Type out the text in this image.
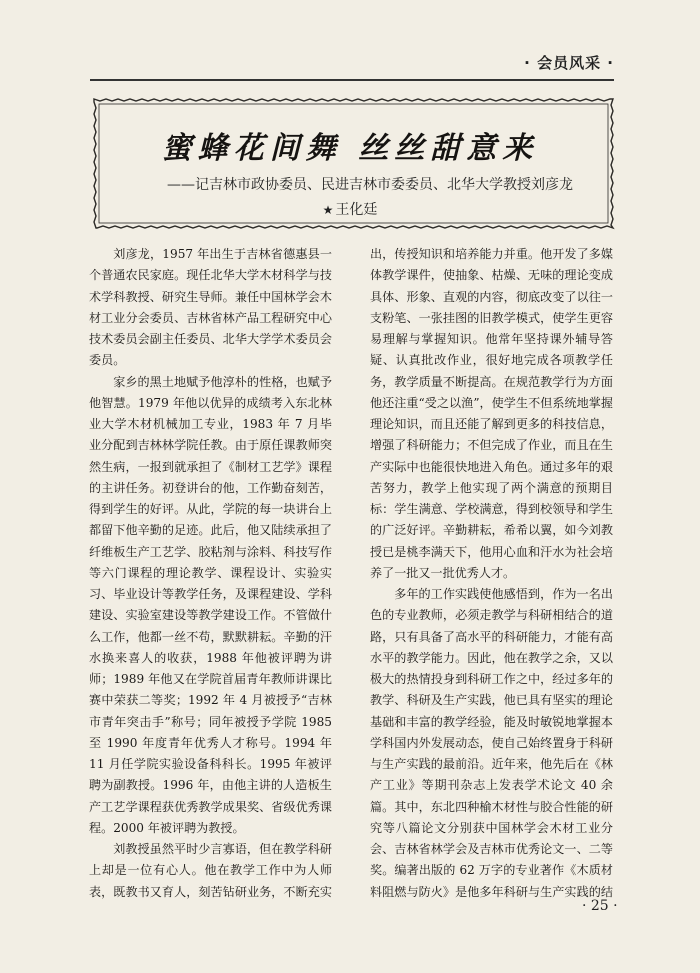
· 会员风采 ·
蜜蜂花间舞 丝丝甜意来
——记吉林市政协委员、民进吉林市委委员、北华大学教授刘彦龙
★ 王化廷

刘彦龙，1957 年出生于吉林省德惠县一个普通农民家庭。现任北华大学木材科学与技术学科教授、研究生导师。兼任中国林学会木材工业分会委员、吉林省林产品工程研究中心技术委员会副主任委员、北华大学学术委员会委员。

家乡的黑土地赋予他淳朴的性格，也赋予他智慧。1979 年他以优异的成绩考入东北林业大学木材机械加工专业，1983 年 7 月毕业分配到吉林林学院任教。由于原任课教师突然生病，一报到就承担了《制材工艺学》课程的主讲任务。初登讲台的他，工作勤奋刻苦，得到学生的好评。从此，学院的每一块讲台上都留下他辛勤的足迹。此后，他又陆续承担了纤维板生产工艺学、胶粘剂与涂料、科技写作等六门课程的理论教学、课程设计、实验实习、毕业设计等教学任务，及课程建设、学科建设、实验室建设等教学建设工作。不管做什么工作，他都一丝不苟，默默耕耘。辛勤的汗水换来喜人的收获，1988 年他被评聘为讲师；1989 年他又在学院首届青年教师讲课比赛中荣获二等奖；1992 年 4 月被授予“吉林市青年突击手”称号；同年被授予学院 1985 至 1990 年度青年优秀人才称号。1994 年 11 月任学院实验设备科科长。1995 年被评聘为副教授。1996 年，由他主讲的人造板生产工艺学课程获优秀教学成果奖、省级优秀课程。2000 年被评聘为教授。

刘教授虽然平时少言寡语，但在教学科研上却是一位有心人。他在教学工作中为人师表，既教书又育人，刻苦钻研业务，不断充实

出，传授知识和培养能力并重。他开发了多媒体教学课件，使抽象、枯燥、无味的理论变成具体、形象、直观的内容，彻底改变了以往一支粉笔、一张挂图的旧教学模式，使学生更容易理解与掌握知识。他常年坚持课外辅导答疑、认真批改作业，很好地完成各项教学任务，教学质量不断提高。在规范教学行为方面他还注重“受之以渔”，使学生不但系统地掌握理论知识，而且还能了解到更多的科技信息，增强了科研能力；不但完成了作业，而且在生产实际中也能很快地进入角色。通过多年的艰苦努力，教学上他实现了两个满意的预期目标：学生满意、学校满意，得到校领导和学生的广泛好评。辛勤耕耘，希希以翼，如今刘教授已是桃李满天下，他用心血和汗水为社会培养了一批又一批优秀人才。

多年的工作实践使他感悟到，作为一名出色的专业教师，必须走教学与科研相结合的道路，只有具备了高水平的科研能力，才能有高水平的教学能力。因此，他在教学之余，又以极大的热情投身到科研工作之中，经过多年的教学、科研及生产实践，他已具有坚实的理论基础和丰富的教学经验，能及时敏锐地掌握本学科国内外发展动态，使自己始终置身于科研与生产实践的最前沿。近年来，他先后在《林产工业》等期刊杂志上发表学术论文 40 余篇。其中，东北四种榆木材性与胶合性能的研究等八篇论文分别获中国林学会木材工业分会、吉林省林学会及吉林市优秀论文一、二等奖。编著出版的 62 万字的专业著作《木质材料阻燃与防火》是他多年科研与生产实践的结

· 25 ·
